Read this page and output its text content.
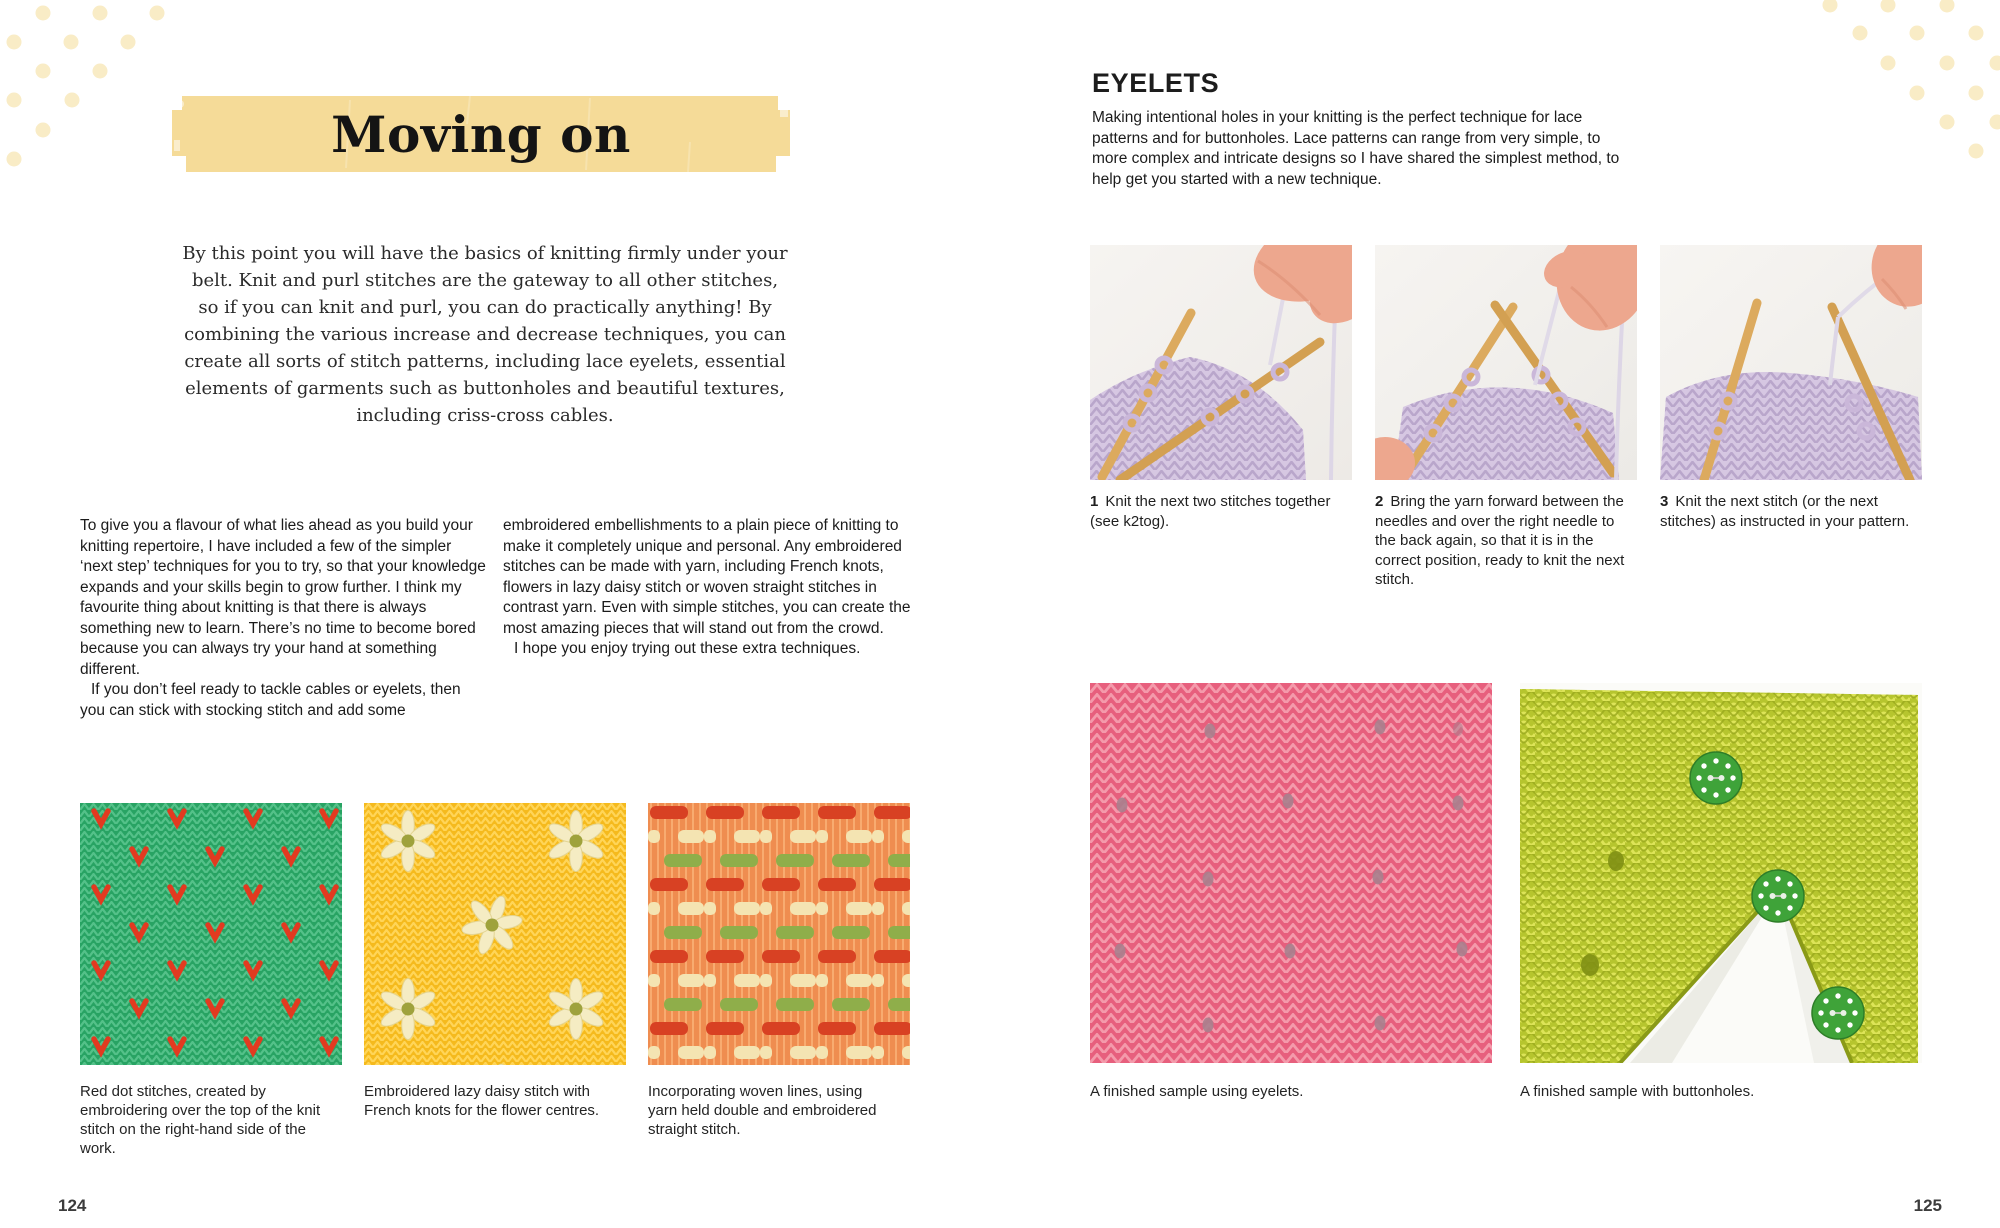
Moving on
By this point you will have the basics of knitting firmly under your belt. Knit and purl stitches are the gateway to all other stitches, so if you can knit and purl, you can do practically anything! By combining the various increase and decrease techniques, you can create all sorts of stitch patterns, including lace eyelets, essential elements of garments such as buttonholes and beautiful textures, including criss-cross cables.

To give you a flavour of what lies ahead as you build your knitting repertoire, I have included a few of the simpler ‘next step’ techniques for you to try, so that your knowledge expands and your skills begin to grow further. I think my favourite thing about knitting is that there is always something new to learn. There’s no time to become bored because you can always try your hand at something different.

If you don’t feel ready to tackle cables or eyelets, then you can stick with stocking stitch and add some

embroidered embellishments to a plain piece of knitting to make it completely unique and personal. Any embroidered stitches can be made with yarn, including French knots, flowers in lazy daisy stitch or woven straight stitches in contrast yarn. Even with simple stitches, you can create the most amazing pieces that will stand out from the crowd.

I hope you enjoy trying out these extra techniques.

Red dot stitches, created by embroidering over the top of the knit stitch on the right-hand side of the work.
Embroidered lazy daisy stitch with French knots for the flower centres.
Incorporating woven lines, using yarn held double and embroidered straight stitch.
124
EYELETS
Making intentional holes in your knitting is the perfect technique for lace patterns and for buttonholes. Lace patterns can range from very simple, to more complex and intricate designs so I have shared the simplest method, to help get you started with a new technique.
1 Knit the next two stitches together (see k2tog).
2 Bring the yarn forward between the needles and over the right needle to the back again, so that it is in the correct position, ready to knit the next stitch.
3 Knit the next stitch (or the next stitches) as instructed in your pattern.
A finished sample using eyelets.	A finished sample with buttonholes.
125
